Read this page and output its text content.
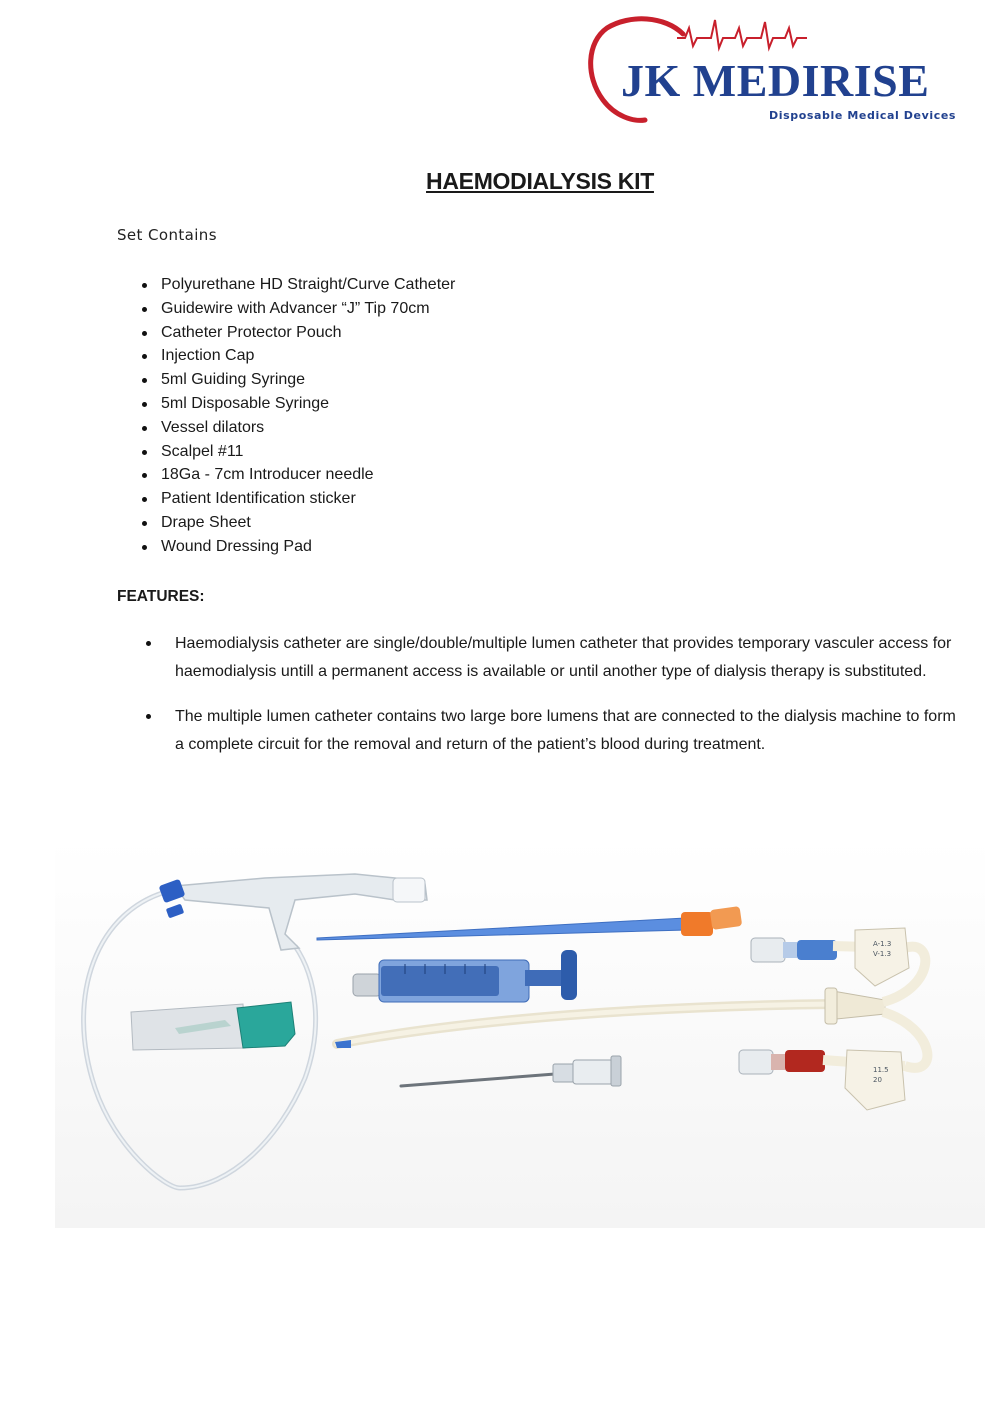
JK MEDIRISE
Disposable Medical Devices
HAEMODIALYSIS KIT
Set Contains
Polyurethane HD Straight/Curve Catheter
Guidewire with Advancer “J” Tip 70cm
Catheter Protector Pouch
Injection Cap
5ml Guiding Syringe
5ml Disposable Syringe
Vessel dilators
Scalpel #11
18Ga - 7cm Introducer needle
Patient Identification sticker
Drape Sheet
Wound Dressing Pad
FEATURES:
Haemodialysis catheter are single/double/multiple lumen catheter that provides temporary vasculer access for haemodialysis untill a permanent access is available or until another type of dialysis therapy is substituted.
The multiple lumen catheter contains two large bore lumens that are connected to the dialysis machine to form a complete circuit for the removal and return of the patient’s blood during treatment.
A-1.3
V-1.3
11.5
20
